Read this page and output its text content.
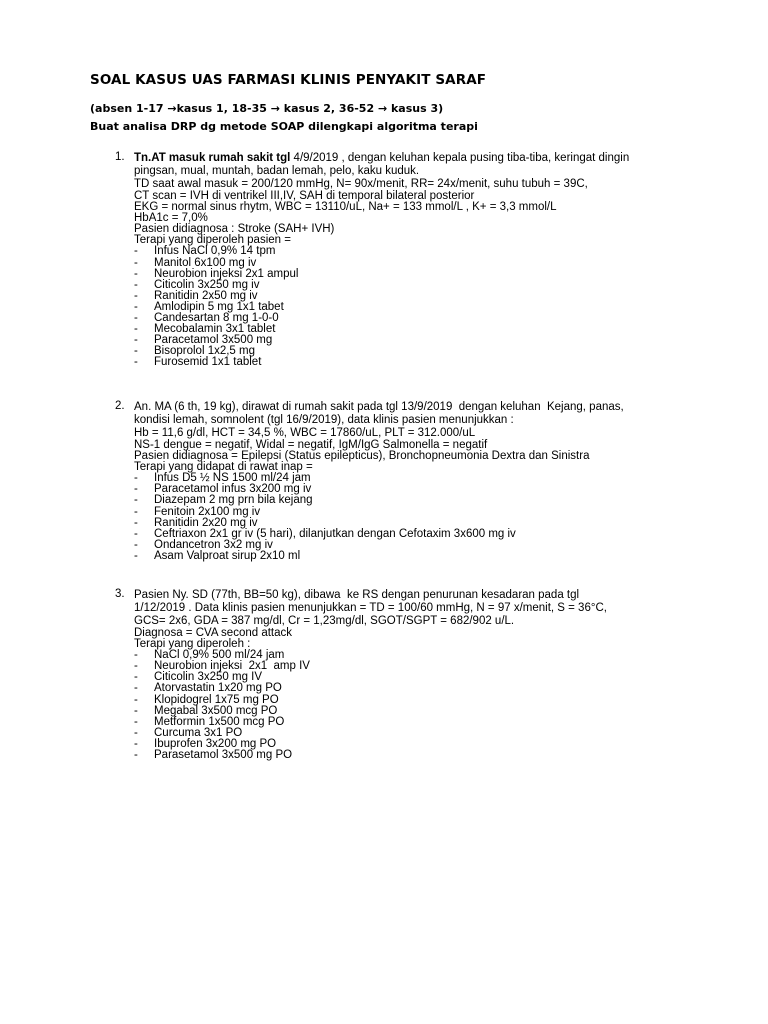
SOAL KASUS UAS FARMASI KLINIS PENYAKIT SARAF
(absen 1-17 →kasus 1, 18-35 → kasus 2, 36-52 → kasus 3)
Buat analisa DRP dg metode SOAP dilengkapi algoritma terapi
1. Tn.AT masuk rumah sakit tgl 4/9/2019 , dengan keluhan kepala pusing tiba-tiba, keringat dingin
pingsan, mual, muntah, badan lemah, pelo, kaku kuduk.
TD saat awal masuk = 200/120 mmHg, N= 90x/menit, RR= 24x/menit, suhu tubuh = 39C,
CT scan = IVH di ventrikel III,IV, SAH di temporal bilateral posterior
EKG = normal sinus rhytm, WBC = 13110/uL, Na+ = 133 mmol/L , K+ = 3,3 mmol/L
HbA1c = 7,0%
Pasien didiagnosa : Stroke (SAH+ IVH)
Terapi yang diperoleh pasien =
- Infus NaCl 0,9% 14 tpm
- Manitol 6x100 mg iv
- Neurobion injeksi 2x1 ampul
- Citicolin 3x250 mg iv
- Ranitidin 2x50 mg iv
- Amlodipin 5 mg 1x1 tabet
- Candesartan 8 mg 1-0-0
- Mecobalamin 3x1 tablet
- Paracetamol 3x500 mg
- Bisoprolol 1x2,5 mg
- Furosemid 1x1 tablet
2. An. MA (6 th, 19 kg), dirawat di rumah sakit pada tgl 13/9/2019  dengan keluhan  Kejang, panas,
kondisi lemah, somnolent (tgl 16/9/2019), data klinis pasien menunjukkan :
Hb = 11,6 g/dl, HCT = 34,5 %, WBC = 17860/uL, PLT = 312.000/uL
NS-1 dengue = negatif, Widal = negatif, IgM/IgG Salmonella = negatif
Pasien didiagnosa = Epilepsi (Status epilepticus), Bronchopneumonia Dextra dan Sinistra
Terapi yang didapat di rawat inap =
- Infus D5 ½ NS 1500 ml/24 jam
- Paracetamol infus 3x200 mg iv
- Diazepam 2 mg prn bila kejang
- Fenitoin 2x100 mg iv
- Ranitidin 2x20 mg iv
- Ceftriaxon 2x1 gr iv (5 hari), dilanjutkan dengan Cefotaxim 3x600 mg iv
- Ondancetron 3x2 mg iv
- Asam Valproat sirup 2x10 ml
3. Pasien Ny. SD (77th, BB=50 kg), dibawa  ke RS dengan penurunan kesadaran pada tgl
1/12/2019 . Data klinis pasien menunjukkan = TD = 100/60 mmHg, N = 97 x/menit, S = 36°C,
GCS= 2x6, GDA = 387 mg/dl, Cr = 1,23mg/dl, SGOT/SGPT = 682/902 u/L.
Diagnosa = CVA second attack
Terapi yang diperoleh :
- NaCl 0,9% 500 ml/24 jam
- Neurobion injeksi  2x1  amp IV
- Citicolin 3x250 mg IV
- Atorvastatin 1x20 mg PO
- Klopidogrel 1x75 mg PO
- Megabal 3x500 mcg PO
- Metformin 1x500 mcg PO
- Curcuma 3x1 PO
- Ibuprofen 3x200 mg PO
- Parasetamol 3x500 mg PO
